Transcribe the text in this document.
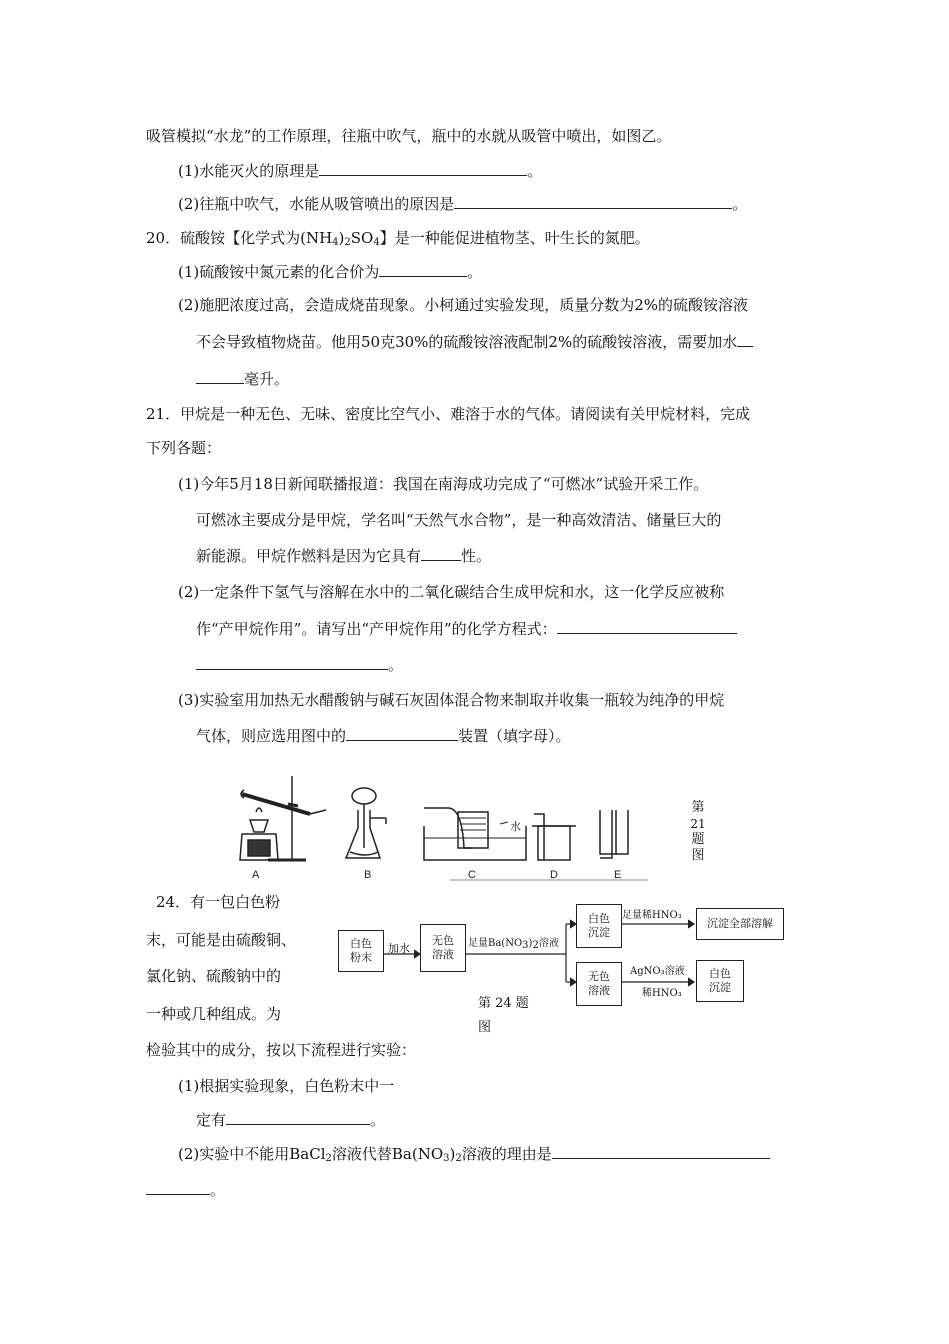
吸管模拟“水龙”的工作原理，往瓶中吹气，瓶中的水就从吸管中喷出，如图乙。
(1)水能灭火的原理是	。
(2)往瓶中吹气，水能从吸管喷出的原因是	。
20．硫酸铵【化学式为$(NH_4)_2SO_4$】是一种能促进植物茎、叶生长的氮肥。
(1)硫酸铵中氮元素的化合价为	。
(2)施肥浓度过高，会造成烧苗现象。小柯通过实验发现，质量分数为2%的硫酸铵溶液
不会导致植物烧苗。他用50克30%的硫酸铵溶液配制2%的硫酸铵溶液，需要加水
毫升。
21．甲烷是一种无色、无味、密度比空气小、难溶于水的气体。请阅读有关甲烷材料，完成
下列各题：
(1)今年5月18日新闻联播报道：我国在南海成功完成了“可燃冰”试验开采工作。
可燃冰主要成分是甲烷，学名叫“天然气水合物”，是一种高效清洁、储量巨大的
新能源。甲烷作燃料是因为它具有	性。
(2)一定条件下氢气与溶解在水中的二氧化碳结合生成甲烷和水，这一化学反应被称
作“产甲烷作用”。请写出“产甲烷作用”的化学方程式：
。
(3)实验室用加热无水醋酸钠与碱石灰固体混合物来制取并收集一瓶较为纯净的甲烷
气体，则应选用图中的	装置（填字母）。
A	B	C	D	E
水
第
21
题
图
24．有一包白色粉
末，可能是由硫酸铜、
氯化钠、硫酸钠中的
一种或几种组成。为
检验其中的成分，按以下流程进行实验：
(1)根据实验现象，白色粉末中一
定有	。
(2)实验中不能用BaCl$_2$溶液代替$Ba(NO_3)_2$溶液的理由是
。
白色
粉末
加水
无色
溶液
足量$Ba(NO_3)_2$溶液
白色
沉淀
足量稀HNO₃
沉淀全部溶解
无色
溶液
AgNO₃溶液
稀HNO₃
白色
沉淀
第 24 题
图
